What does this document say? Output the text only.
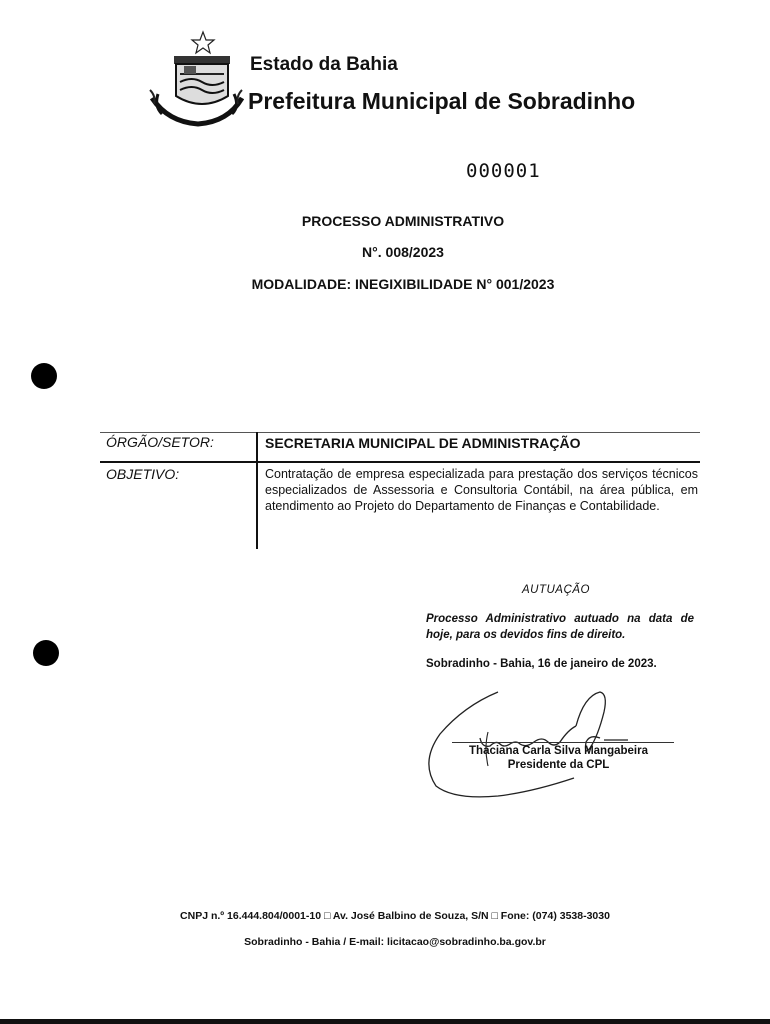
Estado da Bahia
Prefeitura Municipal de Sobradinho
000001
PROCESSO ADMINISTRATIVO
N°. 008/2023
MODALIDADE: INEGIXIBILIDADE N° 001/2023
ÓRGÃO/SETOR:	SECRETARIA MUNICIPAL DE ADMINISTRAÇÃO
OBJETIVO:	Contratação de empresa especializada para prestação dos serviços técnicos especializados de Assessoria e Consultoria Contábil, na área pública, em atendimento ao Projeto do Departamento de Finanças e Contabilidade.
AUTUAÇÃO
Processo Administrativo autuado na data de hoje, para os devidos fins de direito.
Sobradinho - Bahia, 16 de janeiro de 2023.
Thaciana Carla Silva Mangabeira
Presidente da CPL
CNPJ n.º 16.444.804/0001-10 □ Av. José Balbino de Souza, S/N □ Fone: (074) 3538-3030
Sobradinho - Bahia / E-mail: licitacao@sobradinho.ba.gov.br
